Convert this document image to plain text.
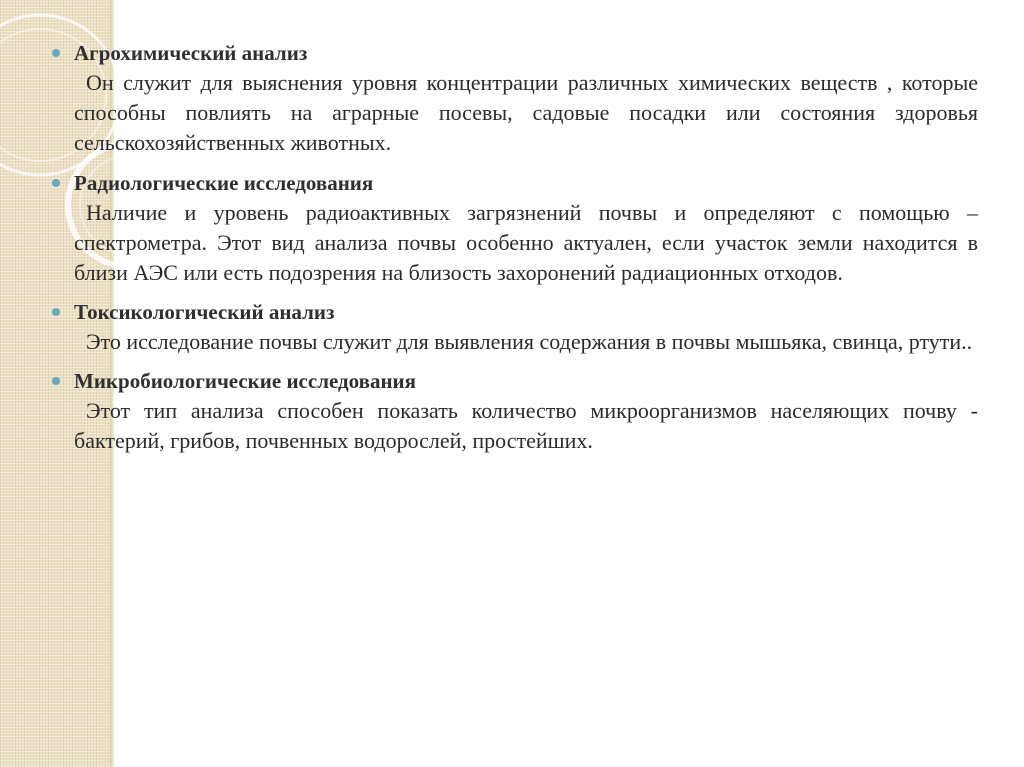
Агрохимический анализ
Он служит для выяснения уровня концентрации различных химических веществ , которые способны повлиять на аграрные посевы, садовые посадки или состояния здоровья сельскохозяйственных животных.
Радиологические исследования
Наличие и уровень радиоактивных загрязнений почвы и определяют с помощью –спектрометра. Этот вид анализа почвы особенно актуален, если участок земли находится в близи АЭС или есть подозрения на близость захоронений радиационных отходов.
Токсикологический анализ
Это исследование почвы служит для выявления содержания в почвы мышьяка, свинца, ртути..
Микробиологические исследования
Этот тип анализа способен показать количество микроорганизмов населяющих почву - бактерий, грибов, почвенных водорослей, простейших.
